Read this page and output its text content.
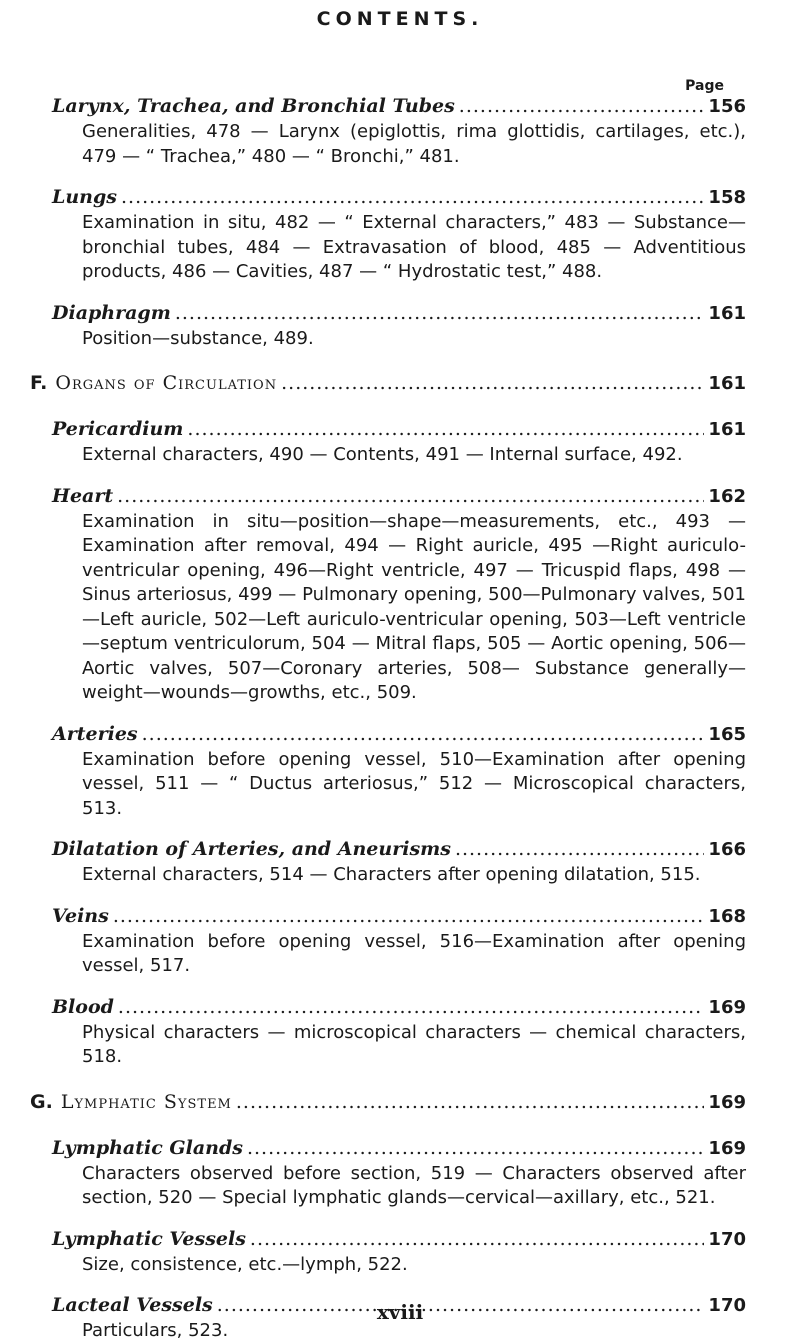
CONTENTS.
Page
Larynx, Trachea, and Bronchial Tubes .....	156
Generalities, 478 — Larynx (epiglottis, rima glottidis, cartilages, etc.), 479 — “ Trachea,” 480 — “ Bronchi,” 481.
Lungs .....	158
Examination in situ, 482 — “ External characters,” 483 — Substance—bronchial tubes, 484 — Extravasation of blood, 485 — Adventitious products, 486 — Cavities, 487 — “ Hydrostatic test,” 488.
Diaphragm .....	161
Position—substance, 489.
F. Organs of Circulation .....	161
Pericardium .....	161
External characters, 490 — Contents, 491 — Internal surface, 492.
Heart .....	162
Examination in situ—position—shape—measurements, etc., 493 — Examination after removal, 494 — Right auricle, 495 —Right auriculo-ventricular opening, 496—Right ventricle, 497 — Tricuspid flaps, 498 — Sinus arteriosus, 499 — Pulmonary opening, 500—Pulmonary valves, 501—Left auricle, 502—Left auriculo-ventricular opening, 503—Left ventricle —septum ventriculorum, 504 — Mitral flaps, 505 — Aortic opening, 506—Aortic valves, 507—Coronary arteries, 508— Substance generally—weight—wounds—growths, etc., 509.
Arteries .....	165
Examination before opening vessel, 510—Examination after opening vessel, 511 — “ Ductus arteriosus,” 512 — Microscopical characters, 513.
Dilatation of Arteries, and Aneurisms .....	166
External characters, 514 — Characters after opening dilatation, 515.
Veins .....	168
Examination before opening vessel, 516—Examination after opening vessel, 517.
Blood .....	169
Physical characters — microscopical characters — chemical characters, 518.
G. Lymphatic System .....	169
Lymphatic Glands .....	169
Characters observed before section, 519 — Characters observed after section, 520 — Special lymphatic glands—cervical—axillary, etc., 521.
Lymphatic Vessels .....	170
Size, consistence, etc.—lymph, 522.
Lacteal Vessels .....	170
Particulars, 523.
xviii
